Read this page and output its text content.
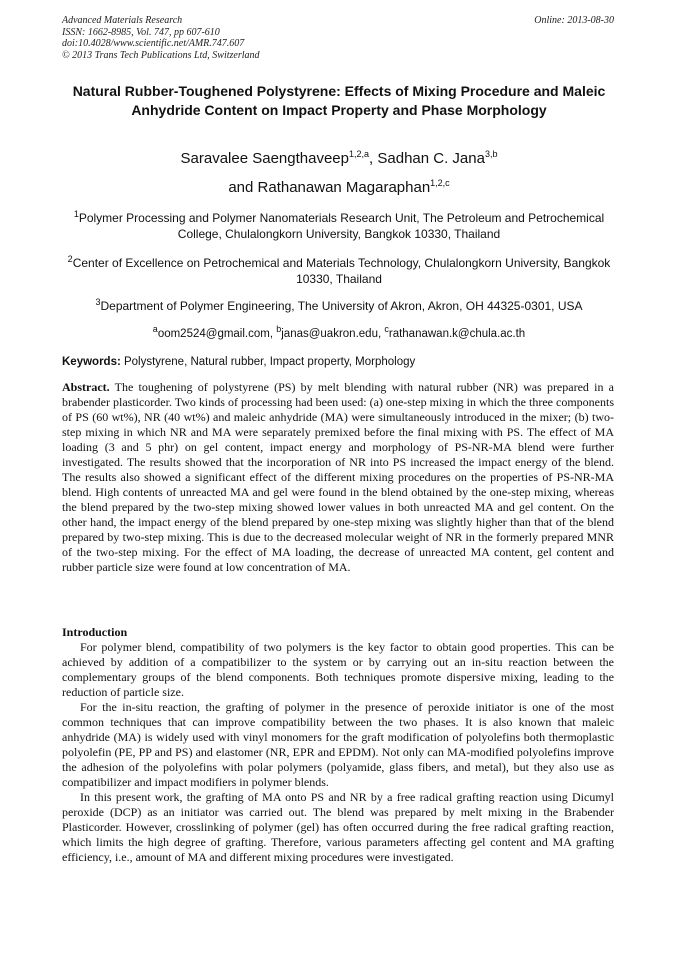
Advanced Materials Research
ISSN: 1662-8985, Vol. 747, pp 607-610
doi:10.4028/www.scientific.net/AMR.747.607
© 2013 Trans Tech Publications Ltd, Switzerland
Online: 2013-08-30
Natural Rubber-Toughened Polystyrene: Effects of Mixing Procedure and Maleic Anhydride Content on Impact Property and Phase Morphology
Saravalee Saengthaveep$^{1,2,a}$, Sadhan C. Jana$^{3,b}$
and Rathanawan Magaraphan$^{1,2,c}$
$^1$Polymer Processing and Polymer Nanomaterials Research Unit, The Petroleum and Petrochemical College, Chulalongkorn University, Bangkok 10330, Thailand
$^2$Center of Excellence on Petrochemical and Materials Technology, Chulalongkorn University, Bangkok 10330, Thailand
$^3$Department of Polymer Engineering, The University of Akron, Akron, OH 44325-0301, USA
$^a$oom2524@gmail.com, $^b$janas@uakron.edu, $^c$rathanawan.k@chula.ac.th
Keywords: Polystyrene, Natural rubber, Impact property, Morphology
Abstract. The toughening of polystyrene (PS) by melt blending with natural rubber (NR) was prepared in a brabender plasticorder. Two kinds of processing had been used: (a) one-step mixing in which the three components of PS (60 wt%), NR (40 wt%) and maleic anhydride (MA) were simultaneously introduced in the mixer; (b) two-step mixing in which NR and MA were separately premixed before the final mixing with PS. The effect of MA loading (3 and 5 phr) on gel content, impact energy and morphology of PS-NR-MA blend were further investigated. The results showed that the incorporation of NR into PS increased the impact energy of the blend. The results also showed a significant effect of the different mixing procedures on the properties of PS-NR-MA blend. High contents of unreacted MA and gel were found in the blend obtained by the one-step mixing, whereas the blend prepared by the two-step mixing showed lower values in both unreacted MA and gel content. On the other hand, the impact energy of the blend prepared by one-step mixing was slightly higher than that of the blend prepared by two-step mixing. This is due to the decreased molecular weight of NR in the formerly prepared MNR of the two-step mixing. For the effect of MA loading, the decrease of unreacted MA content, gel content and rubber particle size were found at low concentration of MA.
Introduction

For polymer blend, compatibility of two polymers is the key factor to obtain good properties. This can be achieved by addition of a compatibilizer to the system or by carrying out an in-situ reaction between the complementary groups of the blend components. Both techniques promote dispersive mixing, leading to the reduction of particle size.

For the in-situ reaction, the grafting of polymer in the presence of peroxide initiator is one of the most common techniques that can improve compatibility between the two phases. It is also known that maleic anhydride (MA) is widely used with vinyl monomers for the graft modification of polyolefins both thermoplastic polyolefin (PE, PP and PS) and elastomer (NR, EPR and EPDM). Not only can MA-modified polyolefins improve the adhesion of the polyolefins with polar polymers (polyamide, glass fibers, and metal), but they also use as compatibilizer and impact modifiers in polymer blends.

In this present work, the grafting of MA onto PS and NR by a free radical grafting reaction using Dicumyl peroxide (DCP) as an initiator was carried out. The blend was prepared by melt mixing in the Brabender Plasticorder. However, crosslinking of polymer (gel) has often occurred during the free radical grafting reaction, which limits the high degree of grafting. Therefore, various parameters affecting gel content and MA grafting efficiency, i.e., amount of MA and different mixing procedures were investigated.
